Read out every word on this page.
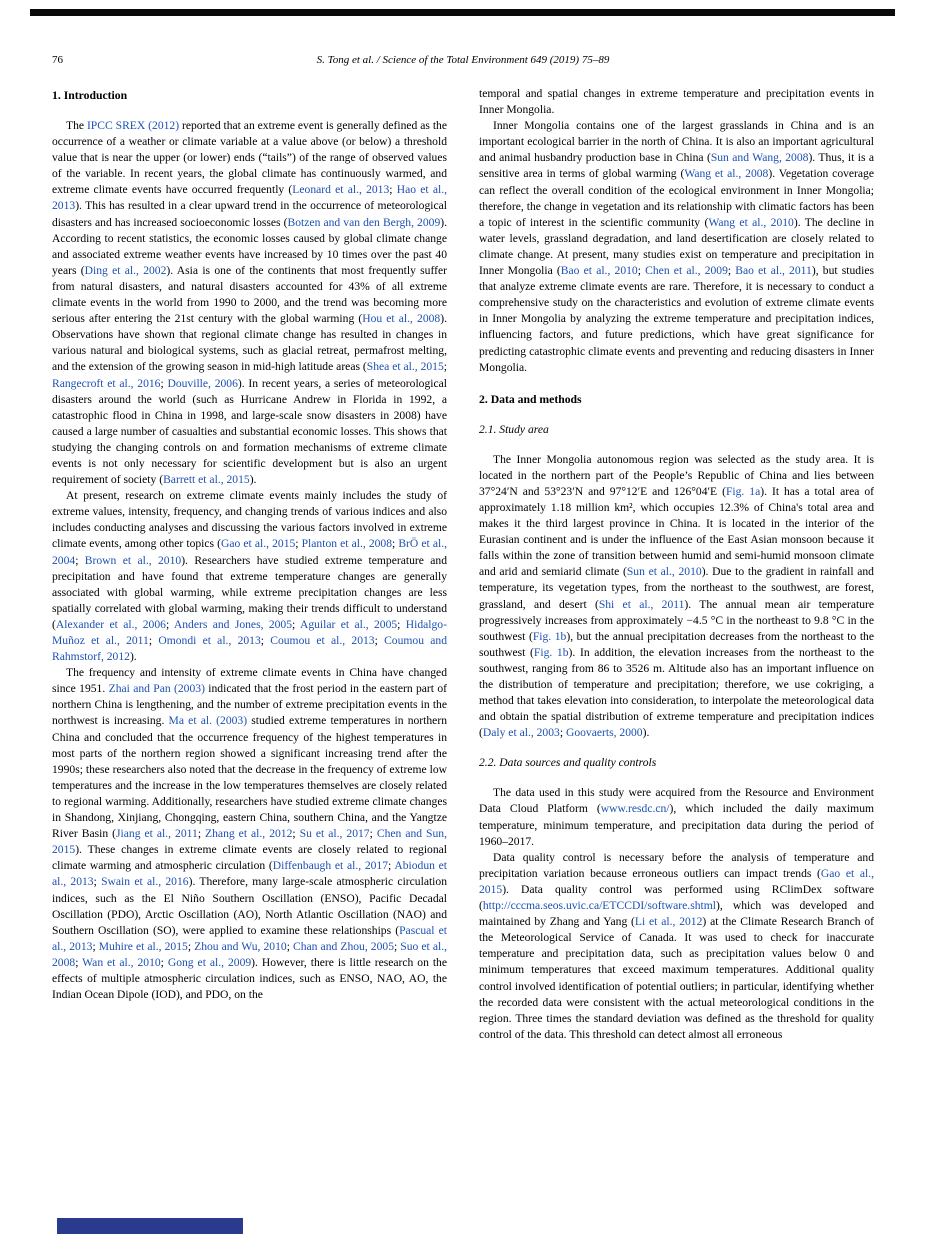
S. Tong et al. / Science of the Total Environment 649 (2019) 75–89
76
1. Introduction

The IPCC SREX (2012) reported that an extreme event is generally defined as the occurrence of a weather or climate variable at a value above (or below) a threshold value that is near the upper (or lower) ends (“tails”) of the range of observed values of the variable. In recent years, the global climate has continuously warmed, and extreme climate events have occurred frequently (Leonard et al., 2013; Hao et al., 2013). This has resulted in a clear upward trend in the occurrence of meteorological disasters and has increased socioeconomic losses (Botzen and van den Bergh, 2009). According to recent statistics, the economic losses caused by global climate change and associated extreme weather events have increased by 10 times over the past 40 years (Ding et al., 2002). Asia is one of the continents that most frequently suffer from natural disasters, and natural disasters accounted for 43% of all extreme climate events in the world from 1990 to 2000, and the trend was becoming more serious after entering the 21st century with the global warming (Hou et al., 2008). Observations have shown that regional climate change has resulted in changes in various natural and biological systems, such as glacial retreat, permafrost melting, and the extension of the growing season in mid-high latitude areas (Shea et al., 2015; Rangecroft et al., 2016; Douville, 2006). In recent years, a series of meteorological disasters around the world (such as Hurricane Andrew in Florida in 1992, a catastrophic flood in China in 1998, and large-scale snow disasters in 2008) have caused a large number of casualties and substantial economic losses. This shows that studying the changing controls on and formation mechanisms of extreme climate events is not only necessary for scientific development but is also an urgent requirement of society (Barrett et al., 2015).

At present, research on extreme climate events mainly includes the study of extreme values, intensity, frequency, and changing trends of various indices and also includes conducting analyses and discussing the various factors involved in extreme climate events, among other topics (Gao et al., 2015; Planton et al., 2008; BrÖ et al., 2004; Brown et al., 2010). Researchers have studied extreme temperature and precipitation and have found that extreme temperature changes are generally associated with global warming, while extreme precipitation changes are less spatially correlated with global warming, making their trends difficult to understand (Alexander et al., 2006; Anders and Jones, 2005; Aguilar et al., 2005; Hidalgo-Muñoz et al., 2011; Omondi et al., 2013; Coumou et al., 2013; Coumou and Rahmstorf, 2012).

The frequency and intensity of extreme climate events in China have changed since 1951. Zhai and Pan (2003) indicated that the frost period in the eastern part of northern China is lengthening, and the number of extreme precipitation events in the northwest is increasing. Ma et al. (2003) studied extreme temperatures in northern China and concluded that the occurrence frequency of the highest temperatures in most parts of the northern region showed a significant increasing trend after the 1990s; these researchers also noted that the decrease in the frequency of extreme low temperatures and the increase in the low temperatures themselves are closely related to regional warming. Additionally, researchers have studied extreme climate changes in Shandong, Xinjiang, Chongqing, eastern China, southern China, and the Yangtze River Basin (Jiang et al., 2011; Zhang et al., 2012; Su et al., 2017; Chen and Sun, 2015). These changes in extreme climate events are closely related to regional climate warming and atmospheric circulation (Diffenbaugh et al., 2017; Abiodun et al., 2013; Swain et al., 2016). Therefore, many large-scale atmospheric circulation indices, such as the El Niño Southern Oscillation (ENSO), Pacific Decadal Oscillation (PDO), Arctic Oscillation (AO), North Atlantic Oscillation (NAO) and Southern Oscillation (SO), were applied to examine these relationships (Pascual et al., 2013; Muhire et al., 2015; Zhou and Wu, 2010; Chan and Zhou, 2005; Suo et al., 2008; Wan et al., 2010; Gong et al., 2009). However, there is little research on the effects of multiple atmospheric circulation indices, such as ENSO, NAO, AO, the Indian Ocean Dipole (IOD), and PDO, on the

temporal and spatial changes in extreme temperature and precipitation events in Inner Mongolia.

Inner Mongolia contains one of the largest grasslands in China and is an important ecological barrier in the north of China. It is also an important agricultural and animal husbandry production base in China (Sun and Wang, 2008). Thus, it is a sensitive area in terms of global warming (Wang et al., 2008). Vegetation coverage can reflect the overall condition of the ecological environment in Inner Mongolia; therefore, the change in vegetation and its relationship with climatic factors has been a topic of interest in the scientific community (Wang et al., 2010). The decline in water levels, grassland degradation, and land desertification are closely related to climate change. At present, many studies exist on temperature and precipitation in Inner Mongolia (Bao et al., 2010; Chen et al., 2009; Bao et al., 2011), but studies that analyze extreme climate events are rare. Therefore, it is necessary to conduct a comprehensive study on the characteristics and evolution of extreme climate events in Inner Mongolia by analyzing the extreme temperature and precipitation indices, influencing factors, and future predictions, which have great significance for predicting catastrophic climate events and preventing and reducing disasters in Inner Mongolia.

2. Data and methods
2.1. Study area

The Inner Mongolia autonomous region was selected as the study area. It is located in the northern part of the People’s Republic of China and lies between 37°24′N and 53°23′N and 97°12′E and 126°04′E (Fig. 1a). It has a total area of approximately 1.18 million km², which occupies 12.3% of China's total area and makes it the third largest province in China. It is located in the interior of the Eurasian continent and is under the influence of the East Asian monsoon because it falls within the zone of transition between humid and semi-humid monsoon climate and arid and semiarid climate (Sun et al., 2010). Due to the gradient in rainfall and temperature, its vegetation types, from the northeast to the southwest, are forest, grassland, and desert (Shi et al., 2011). The annual mean air temperature progressively increases from approximately −4.5 °C in the northeast to 9.8 °C in the southwest (Fig. 1b), but the annual precipitation decreases from the northeast to the southwest (Fig. 1b). In addition, the elevation increases from the northeast to the southwest, ranging from 86 to 3526 m. Altitude also has an important influence on the distribution of temperature and precipitation; therefore, we use cokriging, a method that takes elevation into consideration, to interpolate the meteorological data and obtain the spatial distribution of extreme temperature and precipitation indices (Daly et al., 2003; Goovaerts, 2000).

2.2. Data sources and quality controls

The data used in this study were acquired from the Resource and Environment Data Cloud Platform (www.resdc.cn/), which included the daily maximum temperature, minimum temperature, and precipitation data during the period of 1960–2017.

Data quality control is necessary before the analysis of temperature and precipitation variation because erroneous outliers can impact trends (Gao et al., 2015). Data quality control was performed using RClimDex software (http://cccma.seos.uvic.ca/ETCCDI/software.shtml), which was developed and maintained by Zhang and Yang (Li et al., 2012) at the Climate Research Branch of the Meteorological Service of Canada. It was used to check for inaccurate temperature and precipitation data, such as precipitation values below 0 and minimum temperatures that exceed maximum temperatures. Additional quality control involved identification of potential outliers; in particular, identifying whether the recorded data were consistent with the actual meteorological conditions in the region. Three times the standard deviation was defined as the threshold for quality control of the data. This threshold can detect almost all erroneous
